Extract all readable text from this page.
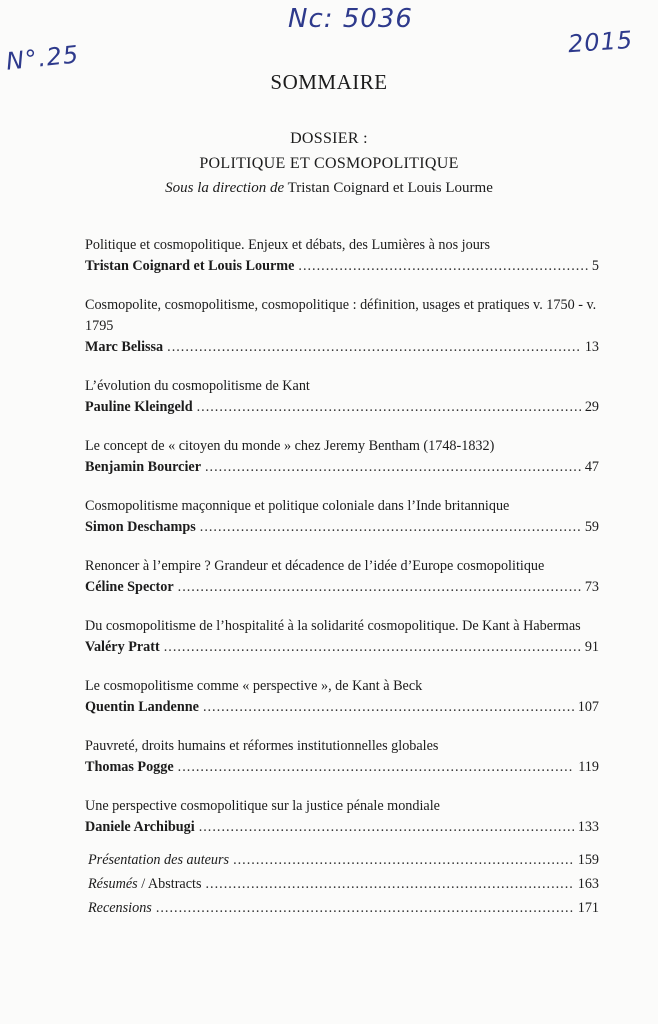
Nc: 5036
N°.25	2015
SOMMAIRE
DOSSIER :
POLITIQUE ET COSMOPOLITIQUE
Sous la direction de Tristan Coignard et Louis Lourme
Politique et cosmopolitique. Enjeux et débats, des Lumières à nos jours
Tristan Coignard et Louis Lourme .....	5
Cosmopolite, cosmopolitisme, cosmopolitique : définition, usages et pratiques v. 1750 - v. 1795
Marc Belissa .....	13
L’évolution du cosmopolitisme de Kant
Pauline Kleingeld .....	29
Le concept de « citoyen du monde » chez Jeremy Bentham (1748-1832)
Benjamin Bourcier .....	47
Cosmopolitisme maçonnique et politique coloniale dans l’Inde britannique
Simon Deschamps .....	59
Renoncer à l’empire ? Grandeur et décadence de l’idée d’Europe cosmopolitique
Céline Spector .....	73
Du cosmopolitisme de l’hospitalité à la solidarité cosmopolitique. De Kant à Habermas
Valéry Pratt .....	91
Le cosmopolitisme comme « perspective », de Kant à Beck
Quentin Landenne .....	107
Pauvreté, droits humains et réformes institutionnelles globales
Thomas Pogge .....	119
Une perspective cosmopolitique sur la justice pénale mondiale
Daniele Archibugi .....	133
Présentation des auteurs .....	159
Résumés / Abstracts .....	163
Recensions .....	171
